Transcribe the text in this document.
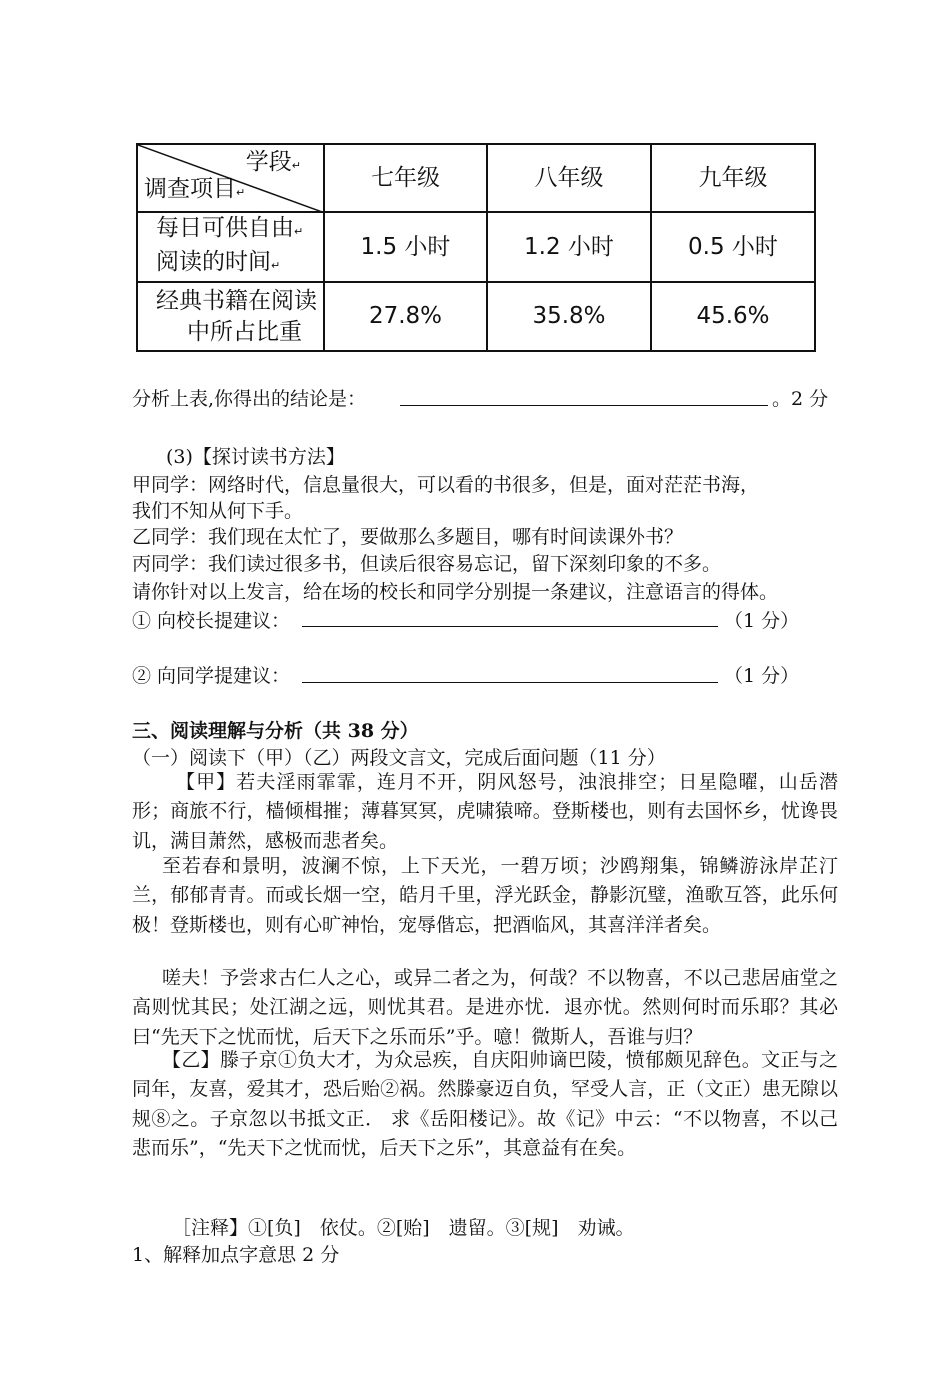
学段↵
调查项目↵	七年级	八年级	九年级
每日可供自由↵
阅读的时间↵	1.5 小时	1.2 小时	0.5 小时
经典书籍在阅读
中所占比重	27.8%	35.8%	45.6%
分析上表,你得出的结论是：	。2 分
(3)【探讨读书方法】
甲同学：网络时代，信息量很大，可以看的书很多，但是，面对茫茫书海，
我们不知从何下手。
乙同学：我们现在太忙了，要做那么多题目，哪有时间读课外书？
丙同学：我们读过很多书，但读后很容易忘记，留下深刻印象的不多。
请你针对以上发言，给在场的校长和同学分别提一条建议，注意语言的得体。
① 向校长提建议：	（1 分）
② 向同学提建议：	（1 分）
三、阅读理解与分析（共 38 分）
（一）阅读下（甲）（乙）两段文言文，完成后面问题（11 分）

【甲】若夫淫雨霏霏，连月不开，阴风怒号，浊浪排空；日星隐曜，山岳潜形；商旅不行，樯倾楫摧；薄暮冥冥，虎啸猿啼。登斯楼也，则有去国怀乡，忧谗畏讥，满目萧然，感极而悲者矣。

至若春和景明，波澜不惊，上下天光，一碧万顷；沙鸥翔集，锦鳞游泳岸芷汀兰，郁郁青青。而或长烟一空，皓月千里，浮光跃金，静影沉璧，渔歌互答，此乐何极！登斯楼也，则有心旷神怡，宠辱偕忘，把酒临风，其喜洋洋者矣。

嗟夫！予尝求古仁人之心，或异二者之为，何哉？不以物喜，不以己悲居庙堂之高则忧其民；处江湖之远，则忧其君。是进亦忧．退亦忧。然则何时而乐耶？其必曰“先天下之忧而忧，后天下之乐而乐”乎。噫！微斯人，吾谁与归？

【乙】滕子京①负大才，为众忌疾，自庆阳帅谪巴陵，愤郁颇见辞色。文正与之同年，友喜，爱其才，恐后贻②祸。然滕豪迈自负，罕受人言，正（文正）患无隙以规⑧之。子京忽以书抵文正． 求《岳阳楼记》。故《记》中云：“不以物喜，不以己悲而乐”，“先天下之忧而忧，后天下之乐”，其意益有在矣。

［注释】①[负]　依仗。②[贻]　遗留。③[规]　劝诫。
1、解释加点字意思 2 分
